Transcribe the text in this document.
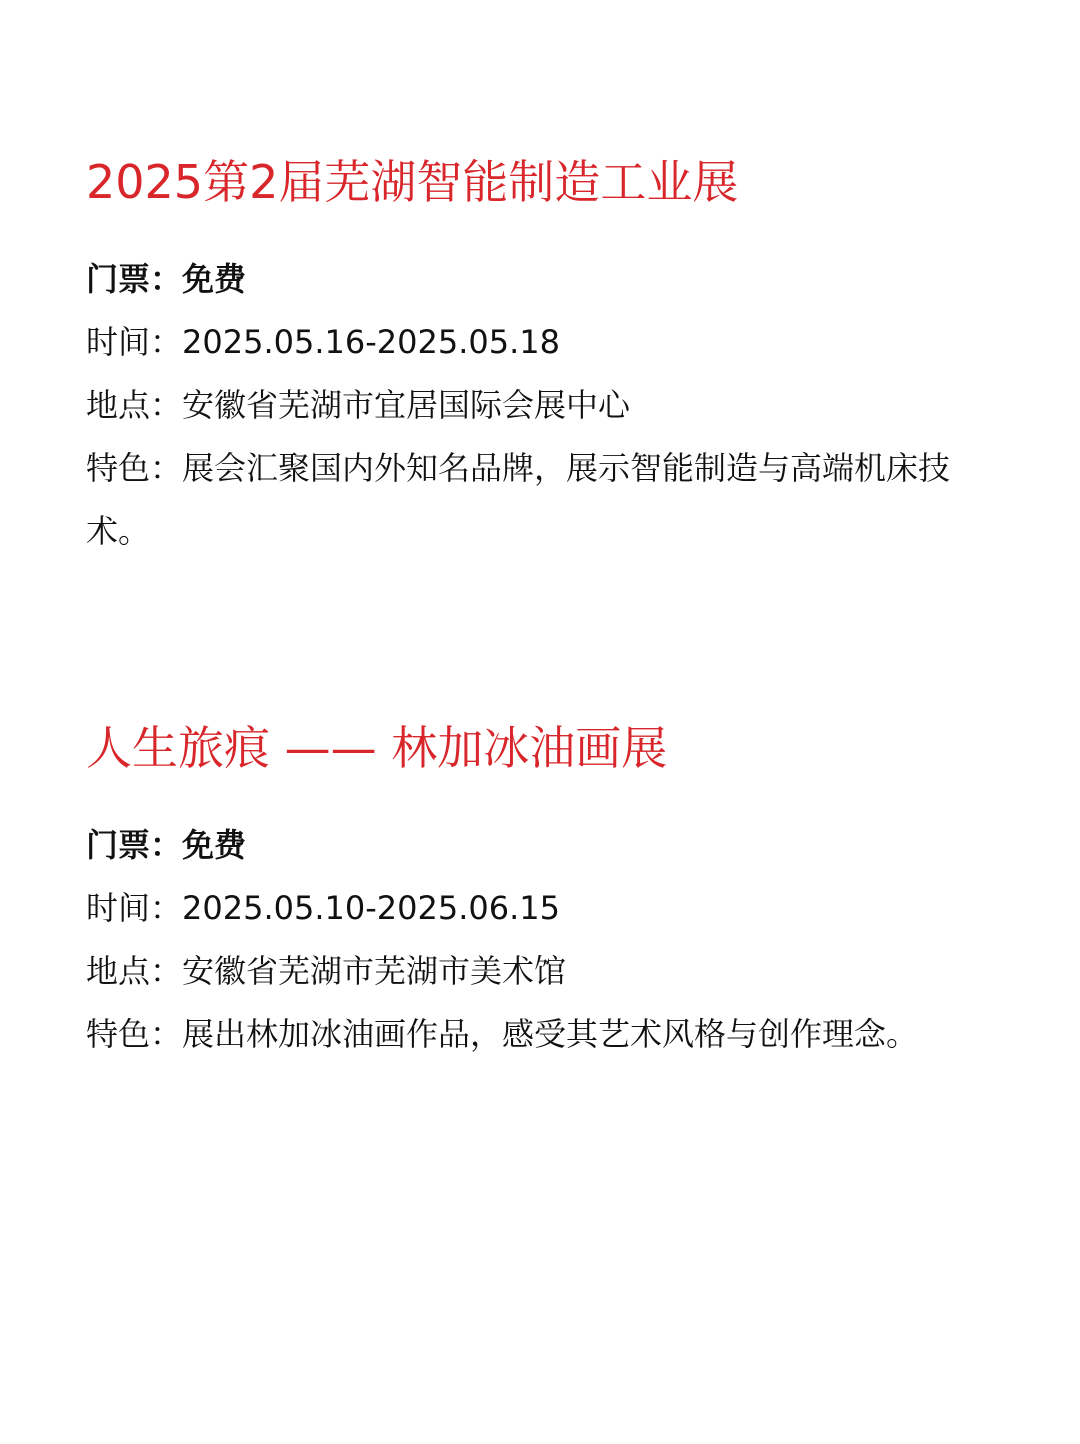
2025第2届芜湖智能制造工业展
门票：免费
时间：2025.05.16-2025.05.18
地点：安徽省芜湖市宜居国际会展中心
特色：展会汇聚国内外知名品牌，展示智能制造与高端机床技术。
人生旅痕 —— 林加冰油画展
门票：免费
时间：2025.05.10-2025.06.15
地点：安徽省芜湖市芜湖市美术馆
特色：展出林加冰油画作品，感受其艺术风格与创作理念。
